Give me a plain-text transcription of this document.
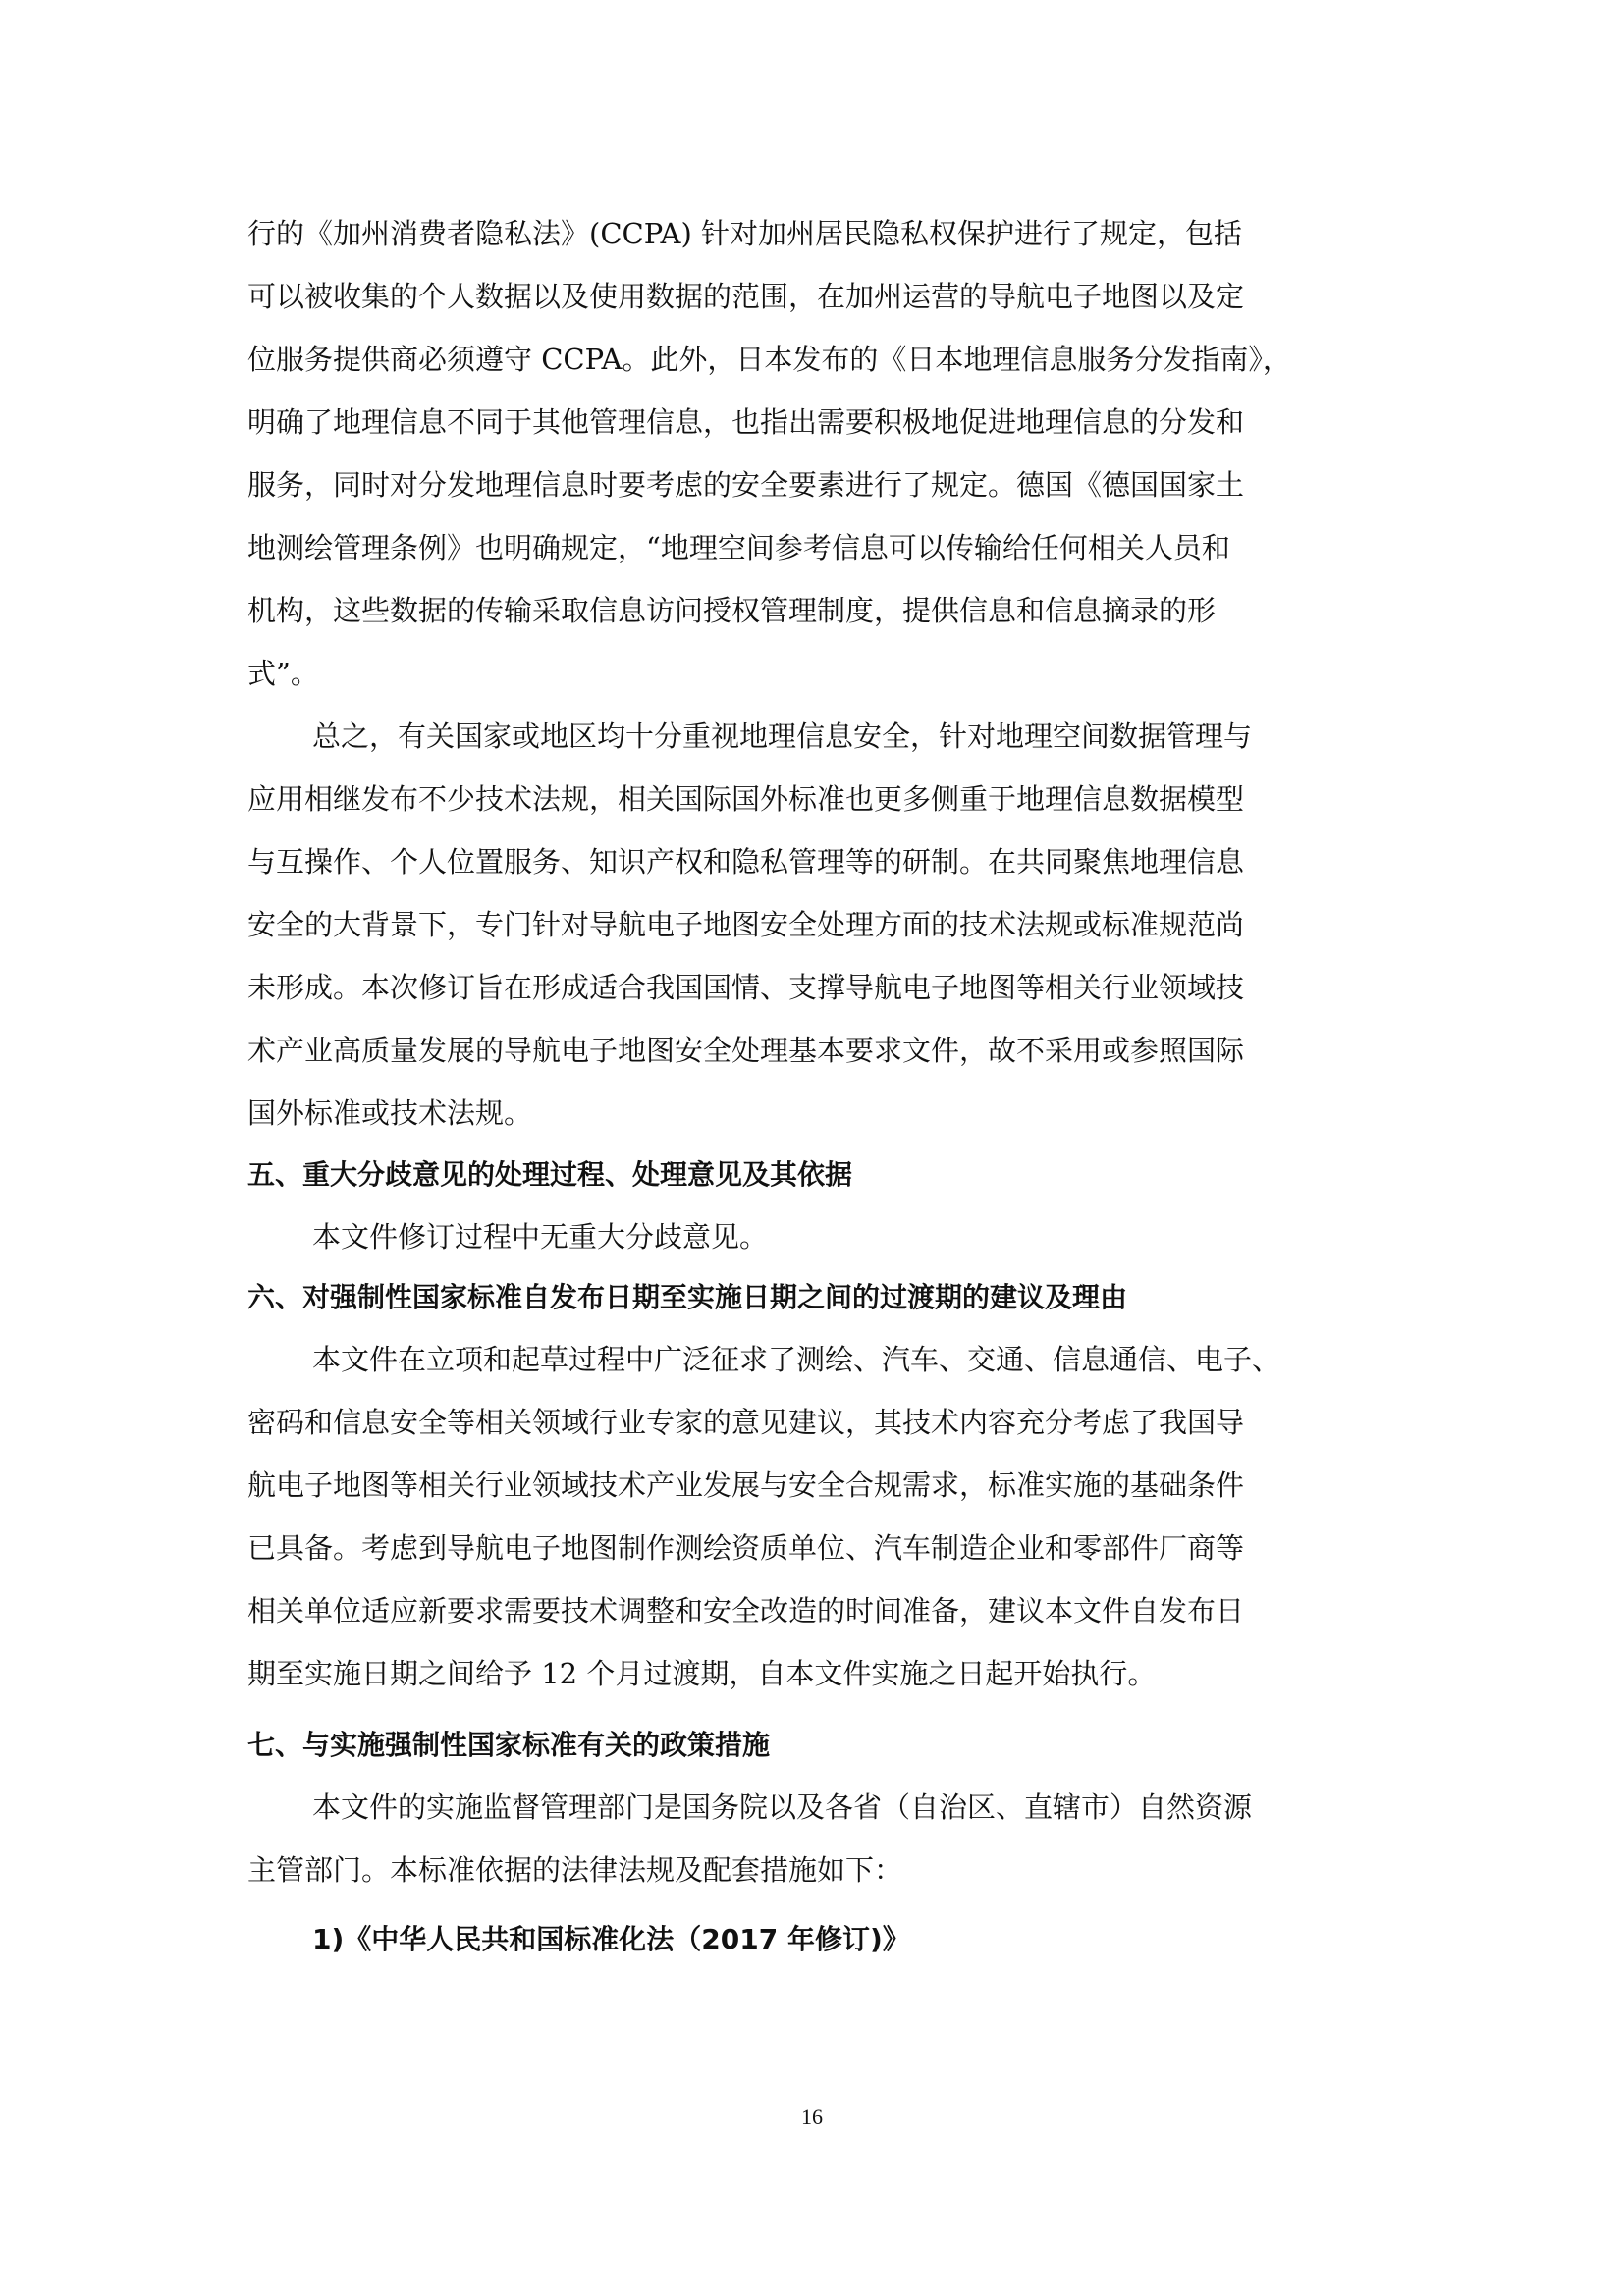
行的《加州消费者隐私法》(CCPA) 针对加州居民隐私权保护进行了规定，包括
可以被收集的个人数据以及使用数据的范围，在加州运营的导航电子地图以及定
位服务提供商必须遵守 CCPA。此外，日本发布的《日本地理信息服务分发指南》，
明确了地理信息不同于其他管理信息，也指出需要积极地促进地理信息的分发和
服务，同时对分发地理信息时要考虑的安全要素进行了规定。德国《德国国家土
地测绘管理条例》也明确规定，“地理空间参考信息可以传输给任何相关人员和
机构，这些数据的传输采取信息访问授权管理制度，提供信息和信息摘录的形
式”。
总之，有关国家或地区均十分重视地理信息安全，针对地理空间数据管理与
应用相继发布不少技术法规，相关国际国外标准也更多侧重于地理信息数据模型
与互操作、个人位置服务、知识产权和隐私管理等的研制。在共同聚焦地理信息
安全的大背景下，专门针对导航电子地图安全处理方面的技术法规或标准规范尚
未形成。本次修订旨在形成适合我国国情、支撑导航电子地图等相关行业领域技
术产业高质量发展的导航电子地图安全处理基本要求文件，故不采用或参照国际
国外标准或技术法规。
五、重大分歧意见的处理过程、处理意见及其依据
本文件修订过程中无重大分歧意见。
六、对强制性国家标准自发布日期至实施日期之间的过渡期的建议及理由
本文件在立项和起草过程中广泛征求了测绘、汽车、交通、信息通信、电子、
密码和信息安全等相关领域行业专家的意见建议，其技术内容充分考虑了我国导
航电子地图等相关行业领域技术产业发展与安全合规需求，标准实施的基础条件
已具备。考虑到导航电子地图制作测绘资质单位、汽车制造企业和零部件厂商等
相关单位适应新要求需要技术调整和安全改造的时间准备，建议本文件自发布日
期至实施日期之间给予 12 个月过渡期，自本文件实施之日起开始执行。
七、与实施强制性国家标准有关的政策措施
本文件的实施监督管理部门是国务院以及各省（自治区、直辖市）自然资源
主管部门。本标准依据的法律法规及配套措施如下：
1)《中华人民共和国标准化法（2017 年修订)》
16
